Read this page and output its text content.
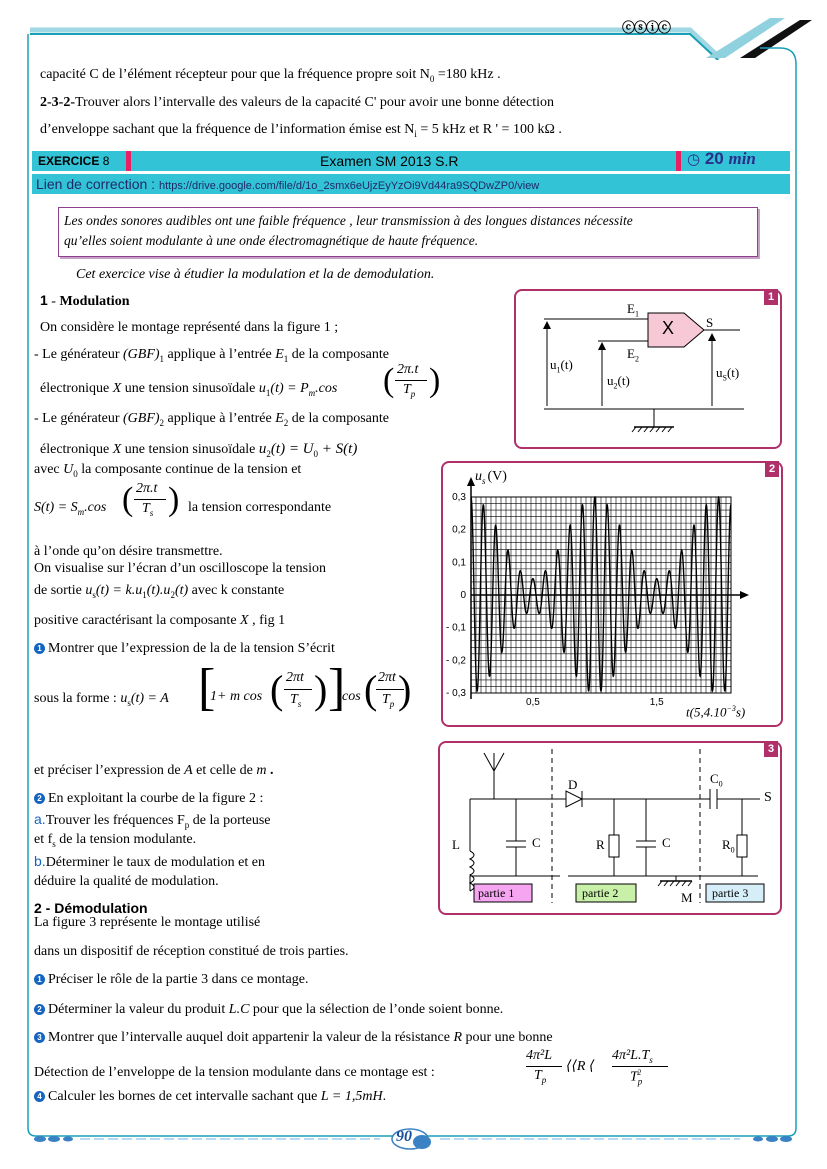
ⓒⓢⓘⓒ
capacité C de l’élément récepteur pour que la fréquence propre soit $N_0 =180$ kHz .
2-3-2-Trouver alors l’intervalle des valeurs de la capacité C' pour avoir une bonne détection
d’enveloppe sachant que la fréquence de l’information émise est $N_i = 5$ kHz et R ' = 100 kΩ .
EXERCICE 8	Examen SM 2013 S.R	◷ 20 min
Lien de correction : https://drive.google.com/file/d/1o_2smx6eUjzEyYzOi9Vd44ra9SQDwZP0/view
Les ondes sonores audibles ont une faible fréquence , leur transmission à des longues distances nécessite
qu’elles soient modulante à une onde électromagnétique de haute fréquence.
Cet exercice vise à étudier la modulation et la de demodulation.
1 - Modulation
On considère le montage représenté dans la figure 1 ;
- Le générateur $(GBF)_1$ applique à l’entrée $E_1$ de la composante
électronique X une tension sinusoïdale $u_1(t) = P_m.\cos$ ( 2π.t
$T_p$ )
- Le générateur $(GBF)_2$ applique à l’entrée $E_2$ de la composante
électronique X une tension sinusoïdale $u_2(t) = U_0 + S(t)$
avec $U_0$ la composante continue de la tension et
$S(t) = S_m.\cos$ ( 2π.t
$T_s$ ) la tension correspondante
à l’onde qu’on désire transmettre.
On visualise sur l’écran d’un oscilloscope la tension
de sortie $u_s(t) = k.u_1(t).u_2(t)$ avec k constante
positive caractérisant la composante X , fig 1
1 Montrer que l’expression de la de la tension S’écrit
sous la forme : $u_s(t) = A$ [
1+ m cos ( 2πt
$T_s$ ) ]
cos ( 2πt
$T_p$ )
et préciser l’expression de A et celle de m .
2 En exploitant la courbe de la figure 2 :
a.Trouver les fréquences $F_p$ de la porteuse
et $f_s$ de la tension modulante.
b.Déterminer le taux de modulation et en
déduire la qualité de modulation.
2 - Démodulation
La figure 3 représente le montage utilisé
dans un dispositif de réception constitué de trois parties.
1 Préciser le rôle de la partie 3 dans ce montage.
2 Déterminer la valeur du produit L.C pour que la sélection de l’onde soient bonne.
3 Montrer que l’intervalle auquel doit appartenir la valeur de la résistance R pour une bonne
Détection de l’enveloppe de la tension modulante dans ce montage est :
4π²L
$T_p$
⟨⟨R ⟨
$4\pi^2L.T_s$
$T_p^2$
4 Calculer les bornes de cet intervalle sachant que L = 1,5mH.
1
$E_1$
$E_2$
X S
$u_1(t)$
$u_2(t)$
$u_S(t)$
2
0,3
0,2
0,1
0
- 0,1
- 0,2
- 0,3
0,5	1,5
$u_s$ (V)
$t(5,4.10^{-3}s)$
3
D	$C_0$
S
L	C	R	C	$R_0$
M
partie 1	partie 2	partie 3
90
